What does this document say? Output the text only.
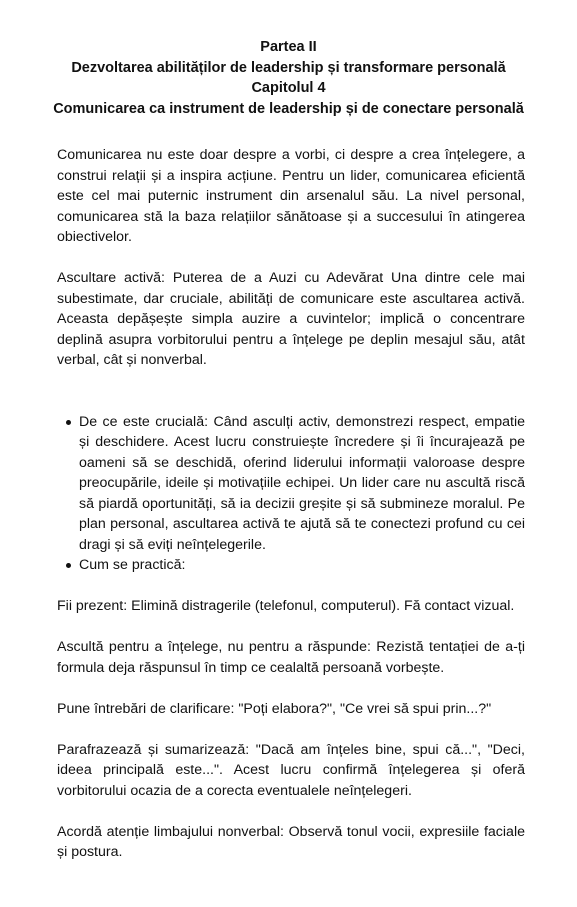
Partea II
Dezvoltarea abilităților de leadership și transformare personală
Capitolul 4
Comunicarea ca instrument de leadership și de conectare personală

Comunicarea nu este doar despre a vorbi, ci despre a crea înțelegere, a construi relații și a inspira acțiune. Pentru un lider, comunicarea eficientă este cel mai puternic instrument din arsenalul său. La nivel personal, comunicarea stă la baza relațiilor sănătoase și a succesului în atingerea obiectivelor.

Ascultare activă: Puterea de a Auzi cu Adevărat Una dintre cele mai subestimate, dar cruciale, abilități de comunicare este ascultarea activă. Aceasta depășește simpla auzire a cuvintelor; implică o concentrare deplină asupra vorbitorului pentru a înțelege pe deplin mesajul său, atât verbal, cât și nonverbal.

De ce este crucială: Când asculți activ, demonstrezi respect, empatie și deschidere. Acest lucru construiește încredere și îi încurajează pe oameni să se deschidă, oferind liderului informații valoroase despre preocupările, ideile și motivațiile echipei. Un lider care nu ascultă riscă să piardă oportunități, să ia decizii greșite și să submineze moralul. Pe plan personal, ascultarea activă te ajută să te conectezi profund cu cei dragi și să eviți neînțelegerile.
Cum se practică:

Fii prezent: Elimină distragerile (telefonul, computerul). Fă contact vizual.

Ascultă pentru a înțelege, nu pentru a răspunde: Rezistă tentației de a-ți formula deja răspunsul în timp ce cealaltă persoană vorbește.

Pune întrebări de clarificare: "Poți elabora?", "Ce vrei să spui prin...?"

Parafrazează și sumarizează: "Dacă am înțeles bine, spui că...", "Deci, ideea principală este...". Acest lucru confirmă înțelegerea și oferă vorbitorului ocazia de a corecta eventualele neînțelegeri.

Acordă atenție limbajului nonverbal: Observă tonul vocii, expresiile faciale și postura.
